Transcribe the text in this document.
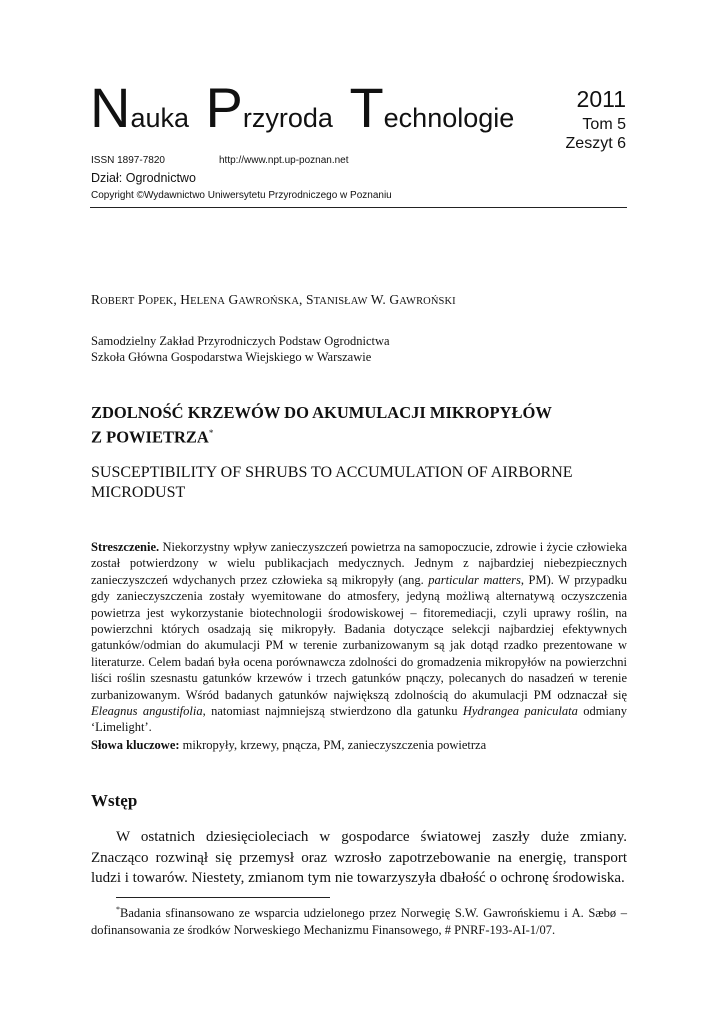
Nauka Przyroda Technologie
2011
Tom 5
Zeszyt 6
ISSN 1897-7820	http://www.npt.up-poznan.net
Dział: Ogrodnictwo
Copyright ©Wydawnictwo Uniwersytetu Przyrodniczego w Poznaniu
ROBERT POPEK, HELENA GAWROŃSKA, STANISŁAW W. GAWROŃSKI
Samodzielny Zakład Przyrodniczych Podstaw Ogrodnictwa
Szkoła Główna Gospodarstwa Wiejskiego w Warszawie
ZDOLNOŚĆ KRZEWÓW DO AKUMULACJI MIKROPYŁÓW
Z POWIETRZA*
SUSCEPTIBILITY OF SHRUBS TO ACCUMULATION OF AIRBORNE
MICRODUST
Streszczenie. Niekorzystny wpływ zanieczyszczeń powietrza na samopoczucie, zdrowie i życie człowieka został potwierdzony w wielu publikacjach medycznych. Jednym z najbardziej niebezpiecznych zanieczyszczeń wdychanych przez człowieka są mikropyły (ang. particular matters, PM). W przypadku gdy zanieczyszczenia zostały wyemitowane do atmosfery, jedyną możliwą alternatywą oczyszczenia powietrza jest wykorzystanie biotechnologii środowiskowej – fitoremediacji, czyli uprawy roślin, na powierzchni których osadzają się mikropyły. Badania dotyczące selekcji najbardziej efektywnych gatunków/odmian do akumulacji PM w terenie zurbanizowanym są jak dotąd rzadko prezentowane w literaturze. Celem badań była ocena porównawcza zdolności do gromadzenia mikropyłów na powierzchni liści roślin szesnastu gatunków krzewów i trzech gatunków pnączy, polecanych do nasadzeń w terenie zurbanizowanym. Wśród badanych gatunków największą zdolnością do akumulacji PM odznaczał się Eleagnus angustifolia, natomiast najmniejszą stwierdzono dla gatunku Hydrangea paniculata odmiany ‘Limelight’.
Słowa kluczowe: mikropyły, krzewy, pnącza, PM, zanieczyszczenia powietrza
Wstęp
W ostatnich dziesięcioleciach w gospodarce światowej zaszły duże zmiany. Znacząco rozwinął się przemysł oraz wzrosło zapotrzebowanie na energię, transport ludzi i towarów. Niestety, zmianom tym nie towarzyszyła dbałość o ochronę środowiska.
*Badania sfinansowano ze wsparcia udzielonego przez Norwegię S.W. Gawrońskiemu i A. Sæbø – dofinansowania ze środków Norweskiego Mechanizmu Finansowego, # PNRF-193-AI-1/07.
